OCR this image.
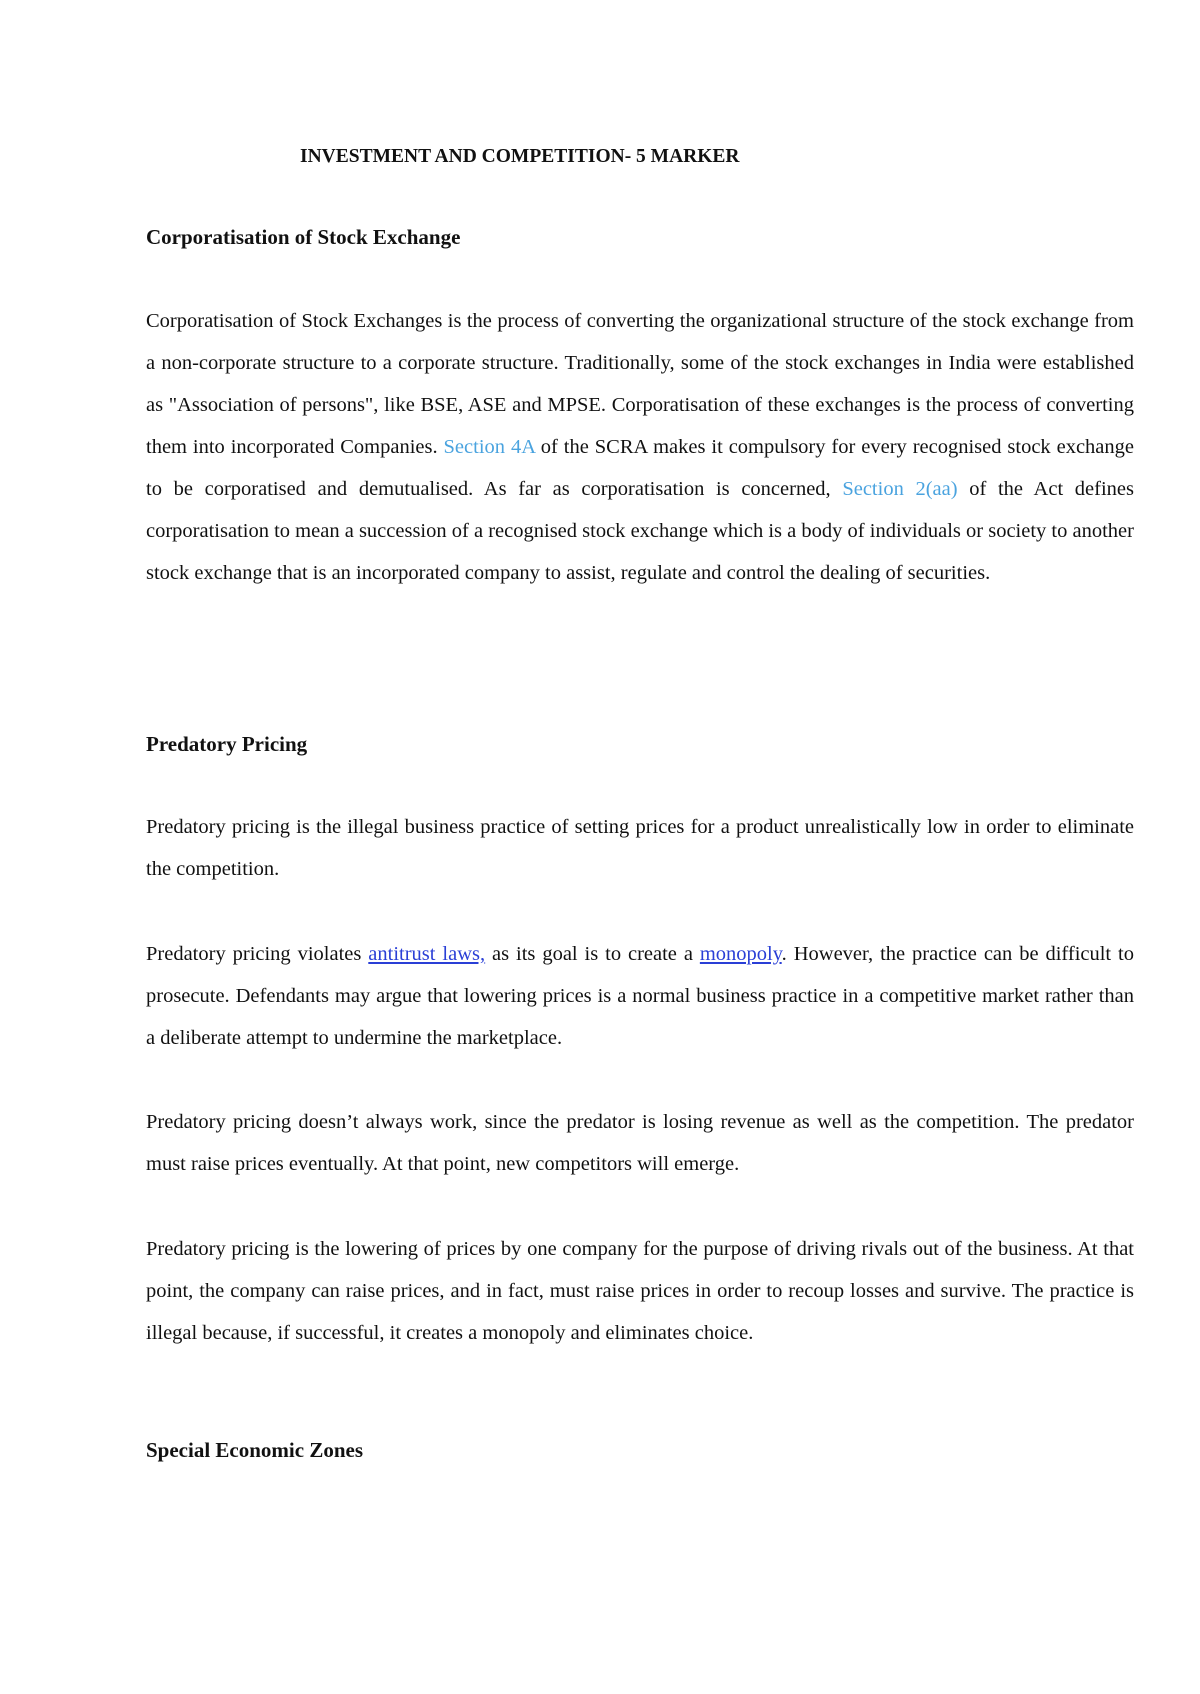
INVESTMENT AND COMPETITION- 5 MARKER
Corporatisation of Stock Exchange

Corporatisation of Stock Exchanges is the process of converting the organizational structure of the stock exchange from a non-corporate structure to a corporate structure. Traditionally, some of the stock exchanges in India were established as "Association of persons", like BSE, ASE and MPSE. Corporatisation of these exchanges is the process of converting them into incorporated Companies. Section 4A of the SCRA makes it compulsory for every recognised stock exchange to be corporatised and demutualised. As far as corporatisation is concerned, Section 2(aa) of the Act defines corporatisation to mean a succession of a recognised stock exchange which is a body of individuals or society to another stock exchange that is an incorporated company to assist, regulate and control the dealing of securities.

Predatory Pricing

Predatory pricing is the illegal business practice of setting prices for a product unrealistically low in order to eliminate the competition.

Predatory pricing violates antitrust laws, as its goal is to create a monopoly. However, the practice can be difficult to prosecute. Defendants may argue that lowering prices is a normal business practice in a competitive market rather than a deliberate attempt to undermine the marketplace.

Predatory pricing doesn’t always work, since the predator is losing revenue as well as the competition. The predator must raise prices eventually. At that point, new competitors will emerge.

Predatory pricing is the lowering of prices by one company for the purpose of driving rivals out of the business. At that point, the company can raise prices, and in fact, must raise prices in order to recoup losses and survive. The practice is illegal because, if successful, it creates a monopoly and eliminates choice.

Special Economic Zones
